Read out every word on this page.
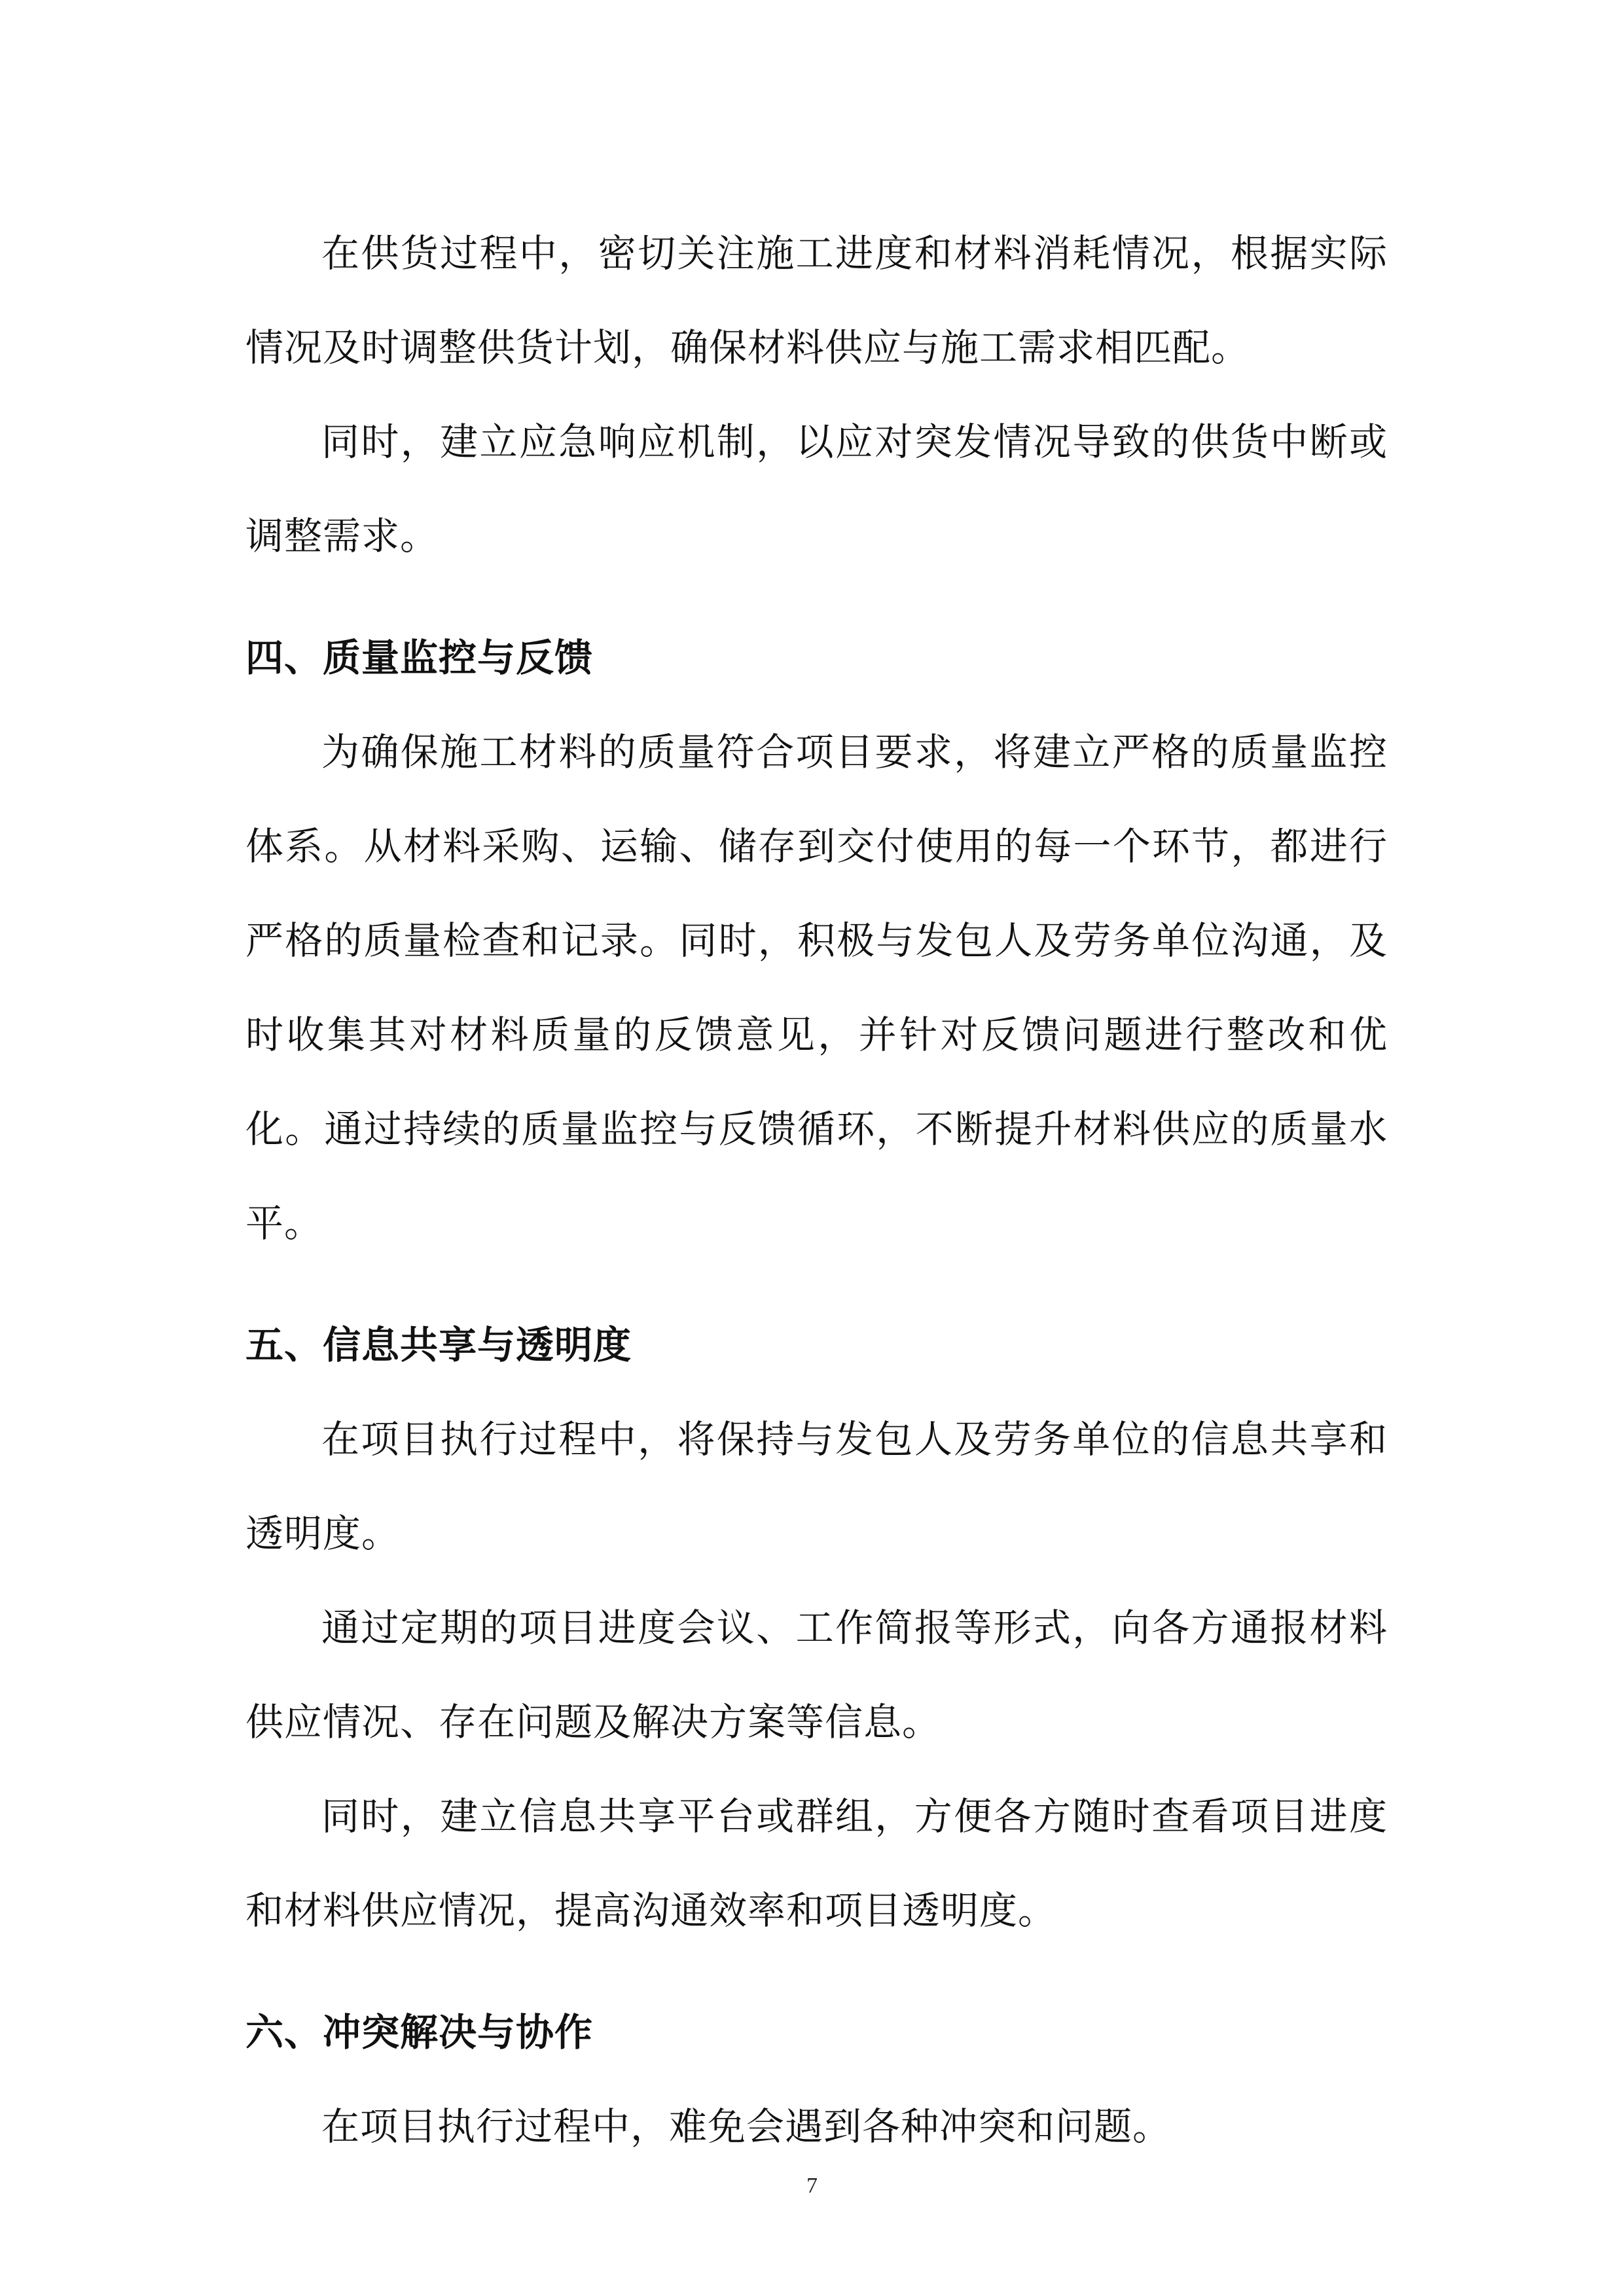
在供货过程中，密切关注施工进度和材料消耗情况，根据实际情况及时调整供货计划，确保材料供应与施工需求相匹配。

同时，建立应急响应机制，以应对突发情况导致的供货中断或调整需求。

四、质量监控与反馈

为确保施工材料的质量符合项目要求，将建立严格的质量监控体系。从材料采购、运输、储存到交付使用的每一个环节，都进行严格的质量检查和记录。同时，积极与发包人及劳务单位沟通，及时收集其对材料质量的反馈意见，并针对反馈问题进行整改和优化。通过持续的质量监控与反馈循环，不断提升材料供应的质量水平。

五、信息共享与透明度

在项目执行过程中，将保持与发包人及劳务单位的信息共享和透明度。

通过定期的项目进度会议、工作简报等形式，向各方通报材料供应情况、存在问题及解决方案等信息。

同时，建立信息共享平台或群组，方便各方随时查看项目进度和材料供应情况，提高沟通效率和项目透明度。

六、冲突解决与协作

在项目执行过程中，难免会遇到各种冲突和问题。

7
